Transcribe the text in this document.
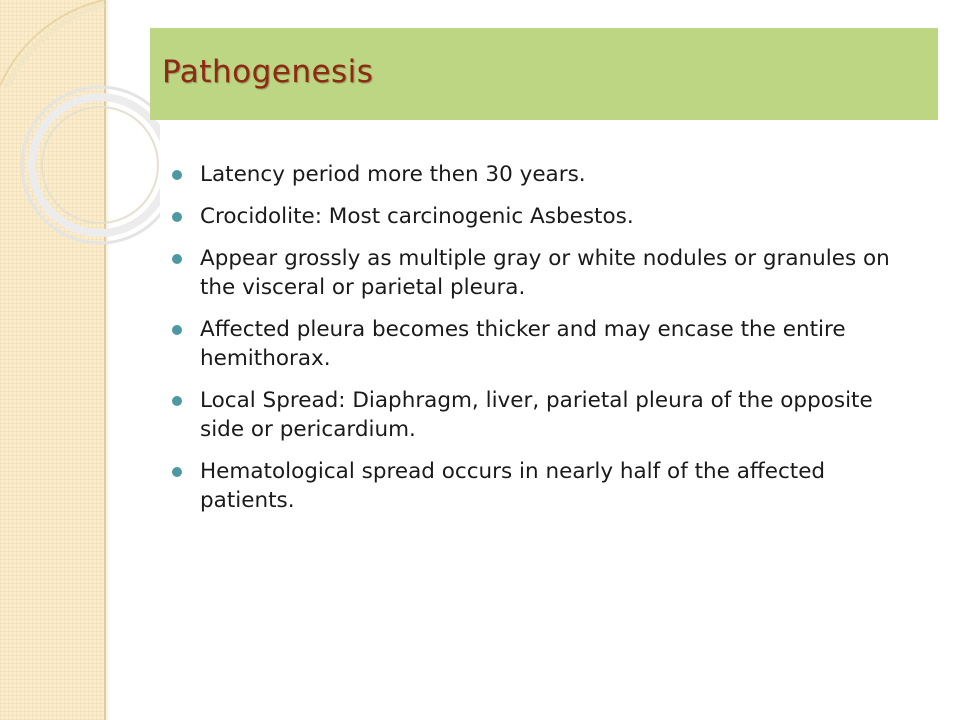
Pathogenesis
Latency period more then 30 years.
Crocidolite: Most carcinogenic Asbestos.
Appear grossly as multiple gray or white nodules or granules on the visceral or parietal pleura.
Affected pleura becomes thicker and may encase the entire hemithorax.
Local Spread: Diaphragm, liver, parietal pleura of the opposite side or pericardium.
Hematological spread occurs in nearly half of the affected patients.
